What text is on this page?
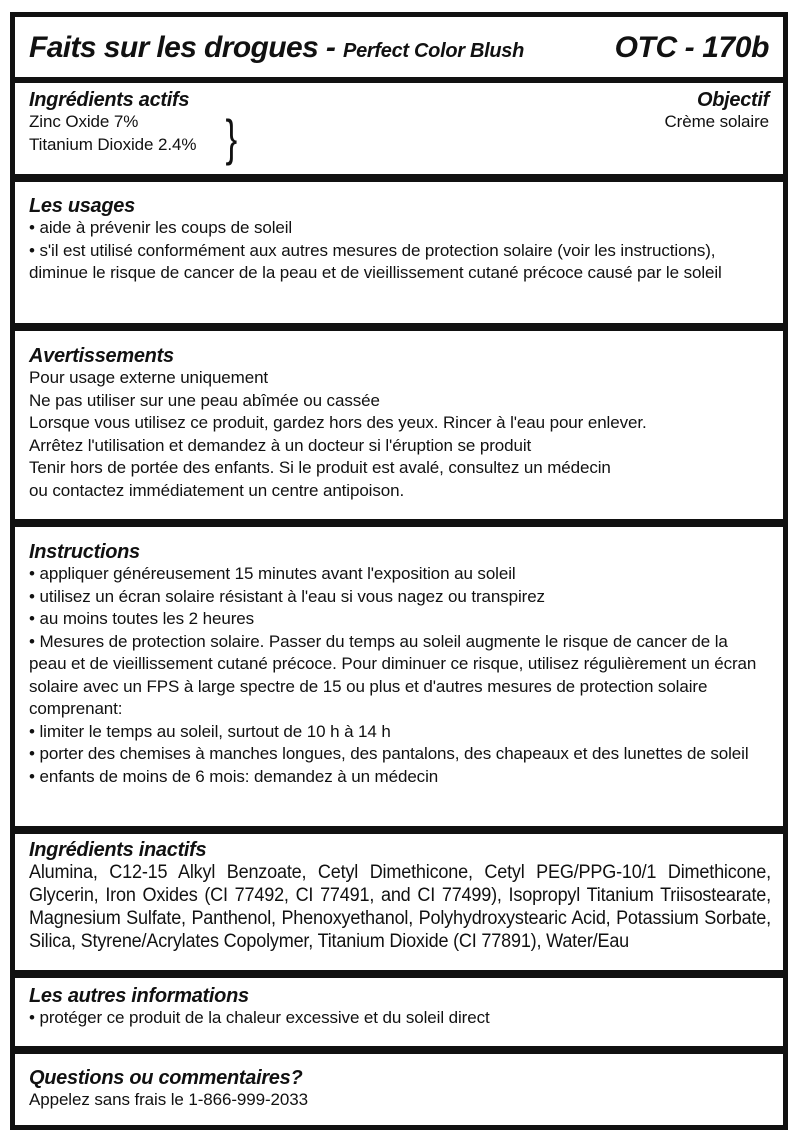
Faits sur les drogues - Perfect Color Blush	OTC - 170b
Ingrédients actifs
Zinc Oxide 7%
Titanium Dioxide 2.4% }
Objectif
Crème solaire
Les usages
• aide à prévenir les coups de soleil
• s'il est utilisé conformément aux autres mesures de protection solaire (voir les instructions), diminue le risque de cancer de la peau et de vieillissement cutané précoce causé par le soleil
Avertissements
Pour usage externe uniquement
Ne pas utiliser sur une peau abîmée ou cassée
Lorsque vous utilisez ce produit, gardez hors des yeux. Rincer à l'eau pour enlever.
Arrêtez l'utilisation et demandez à un docteur si l'éruption se produit
Tenir hors de portée des enfants. Si le produit est avalé, consultez un médecin
ou contactez immédiatement un centre antipoison.
Instructions
• appliquer généreusement 15 minutes avant l'exposition au soleil
• utilisez un écran solaire résistant à l'eau si vous nagez ou transpirez
• au moins toutes les 2 heures
• Mesures de protection solaire. Passer du temps au soleil augmente le risque de cancer de la peau et de vieillissement cutané précoce. Pour diminuer ce risque, utilisez régulièrement un écran solaire avec un FPS à large spectre de 15 ou plus et d'autres mesures de protection solaire comprenant:
• limiter le temps au soleil, surtout de 10 h à 14 h
• porter des chemises à manches longues, des pantalons, des chapeaux et des lunettes de soleil
• enfants de moins de 6 mois: demandez à un médecin
Ingrédients inactifs
Alumina, C12-15 Alkyl Benzoate, Cetyl Dimethicone, Cetyl PEG/PPG-10/1 Dimethicone, Glycerin, Iron Oxides (CI 77492, CI 77491, and CI 77499), Isopropyl Titanium Triisostearate, Magnesium Sulfate, Panthenol, Phenoxyethanol, Polyhydroxystearic Acid, Potassium Sorbate, Silica, Styrene/Acrylates Copolymer, Titanium Dioxide (CI 77891), Water/Eau
Les autres informations
• protéger ce produit de la chaleur excessive et du soleil direct
Questions ou commentaires?
Appelez sans frais le 1-866-999-2033
